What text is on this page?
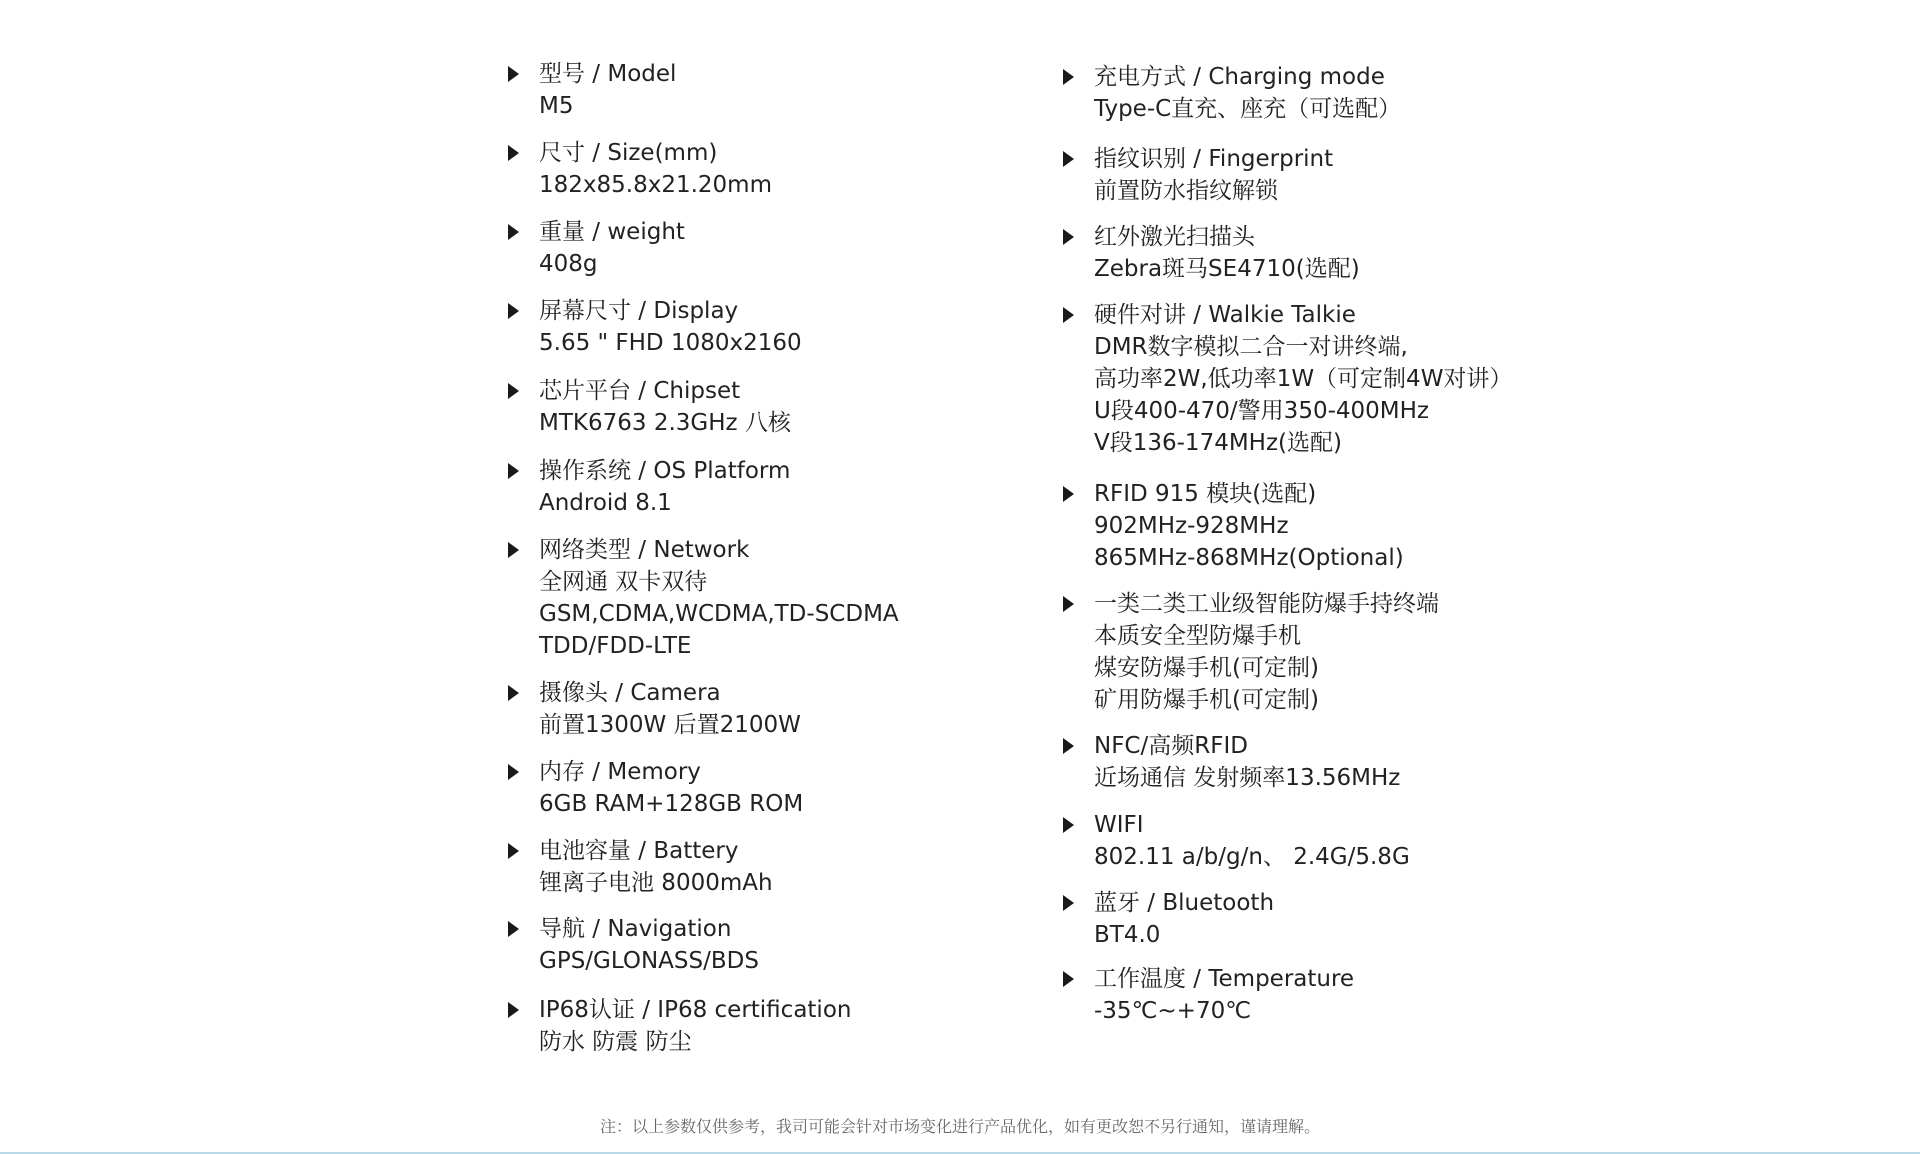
型号 / Model
M5
尺寸 / Size(mm)
182x85.8x21.20mm
重量 / weight
408g
屏幕尺寸 / Display
5.65 " FHD 1080x2160
芯片平台 / Chipset
MTK6763 2.3GHz 八核
操作系统 / OS Platform
Android 8.1
网络类型 / Network
全网通 双卡双待
GSM,CDMA,WCDMA,TD-SCDMA
TDD/FDD-LTE
摄像头 / Camera
前置1300W 后置2100W
内存 / Memory
6GB RAM+128GB ROM
电池容量 / Battery
锂离子电池 8000mAh
导航 / Navigation
GPS/GLONASS/BDS
IP68认证 / IP68 certification
防水 防震 防尘
充电方式 / Charging mode
Type-C直充、座充（可选配）
指纹识别 / Fingerprint
前置防水指纹解锁
红外激光扫描头
Zebra斑马SE4710(选配)
硬件对讲 / Walkie Talkie
DMR数字模拟二合一对讲终端,
高功率2W,低功率1W（可定制4W对讲）
U段400-470/警用350-400MHz
V段136-174MHz(选配)
RFID 915 模块(选配)
902MHz-928MHz
865MHz-868MHz(Optional)
一类二类工业级智能防爆手持终端
本质安全型防爆手机
煤安防爆手机(可定制)
矿用防爆手机(可定制)
NFC/高频RFID
近场通信 发射频率13.56MHz
WIFI
802.11 a/b/g/n、 2.4G/5.8G
蓝牙 / Bluetooth
BT4.0
工作温度 / Temperature
-35℃~+70℃
注：以上参数仅供参考，我司可能会针对市场变化进行产品优化，如有更改恕不另行通知，谨请理解。
